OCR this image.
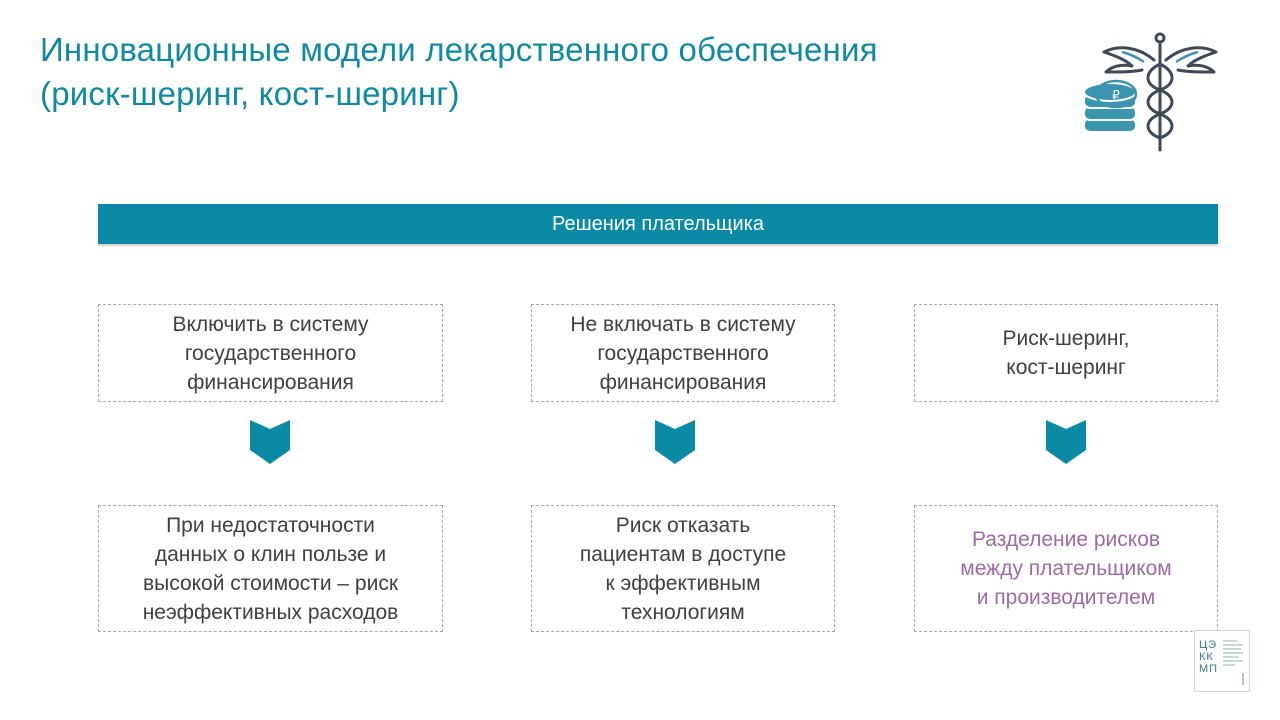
Инновационные модели лекарственного обеспечения
(риск-шеринг, кост-шеринг)	₽
Решения плательщика
Включить в систему
государственного
финансирования
Не включать в систему
государственного
финансирования
Риск-шеринг,
кост-шеринг
При недостаточности
данных о клин пользе и
высокой стоимости – риск
неэффективных расходов
Риск отказать
пациентам в доступе
к эффективным
технологиям
Разделение рисков
между плательщиком
и производителем
ЦЭ
КК
МП
